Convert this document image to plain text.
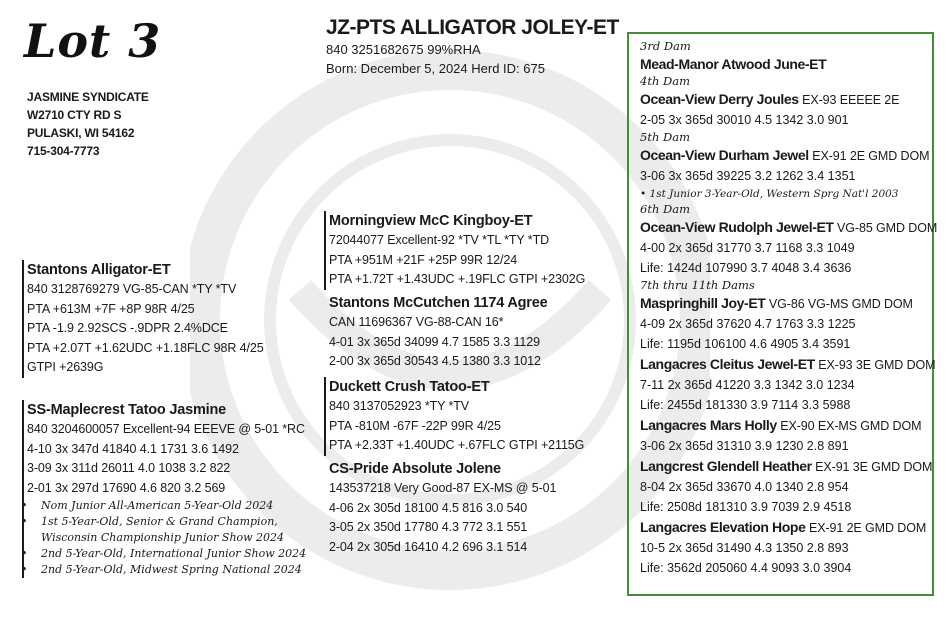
Lot 3
JASMINE SYNDICATE
W2710 CTY RD S
PULASKI, WI 54162
715-304-7773
JZ-PTS ALLIGATOR JOLEY-ET
840 3251682675 99%RHA
Born: December 5, 2024 Herd ID: 675
Stantons Alligator-ET
840 3128769279 VG-85-CAN *TY *TV
PTA +613M +7F +8P 98R 4/25
PTA -1.9 2.92SCS -.9DPR 2.4%DCE
PTA +2.07T +1.62UDC +1.18FLC 98R 4/25
GTPI +2639G
SS-Maplecrest Tatoo Jasmine
840 3204600057 Excellent-94 EEEVE @ 5-01 *RC
4-10 3x 347d 41840 4.1 1731 3.6 1492
3-09 3x 311d 26011 4.0 1038 3.2 822
2-01 3x 297d 17690 4.6 820 3.2 569
• Nom Junior All-American 5-Year-Old 2024
• 1st 5-Year-Old, Senior & Grand Champion,
Wisconsin Championship Junior Show 2024
• 2nd 5-Year-Old, International Junior Show 2024
• 2nd 5-Year-Old, Midwest Spring National 2024
Morningview McC Kingboy-ET
72044077 Excellent-92 *TV *TL *TY *TD
PTA +951M +21F +25P 99R 12/24
PTA +1.72T +1.43UDC +.19FLC GTPI +2302G
Stantons McCutchen 1174 Agree
CAN 11696367 VG-88-CAN 16*
4-01 3x 365d 34099 4.7 1585 3.3 1129
2-00 3x 365d 30543 4.5 1380 3.3 1012
Duckett Crush Tatoo-ET
840 3137052923 *TY *TV
PTA -810M -67F -22P 99R 4/25
PTA +2.33T +1.40UDC +.67FLC GTPI +2115G
CS-Pride Absolute Jolene
143537218 Very Good-87 EX-MS @ 5-01
4-06 2x 305d 18100 4.5 816 3.0 540
3-05 2x 350d 17780 4.3 772 3.1 551
2-04 2x 305d 16410 4.2 696 3.1 514
3rd Dam
Mead-Manor Atwood June-ET
4th Dam
Ocean-View Derry Joules EX-93 EEEEE 2E
2-05 3x 365d 30010 4.5 1342 3.0 901
5th Dam
Ocean-View Durham Jewel EX-91 2E GMD DOM
3-06 3x 365d 39225 3.2 1262 3.4 1351
• 1st Junior 3-Year-Old, Western Sprg Nat'l 2003
6th Dam
Ocean-View Rudolph Jewel-ET VG-85 GMD DOM
4-00 2x 365d 31770 3.7 1168 3.3 1049
Life: 1424d 107990 3.7 4048 3.4 3636
7th thru 11th Dams
Maspringhill Joy-ET VG-86 VG-MS GMD DOM
4-09 2x 365d 37620 4.7 1763 3.3 1225
Life: 1195d 106100 4.6 4905 3.4 3591
Langacres Cleitus Jewel-ET EX-93 3E GMD DOM
7-11 2x 365d 41220 3.3 1342 3.0 1234
Life: 2455d 181330 3.9 7114 3.3 5988
Langacres Mars Holly EX-90 EX-MS GMD DOM
3-06 2x 365d 31310 3.9 1230 2.8 891
Langcrest Glendell Heather EX-91 3E GMD DOM
8-04 2x 365d 33670 4.0 1340 2.8 954
Life: 2508d 181310 3.9 7039 2.9 4518
Langacres Elevation Hope EX-91 2E GMD DOM
10-5 2x 365d 31490 4.3 1350 2.8 893
Life: 3562d 205060 4.4 9093 3.0 3904
